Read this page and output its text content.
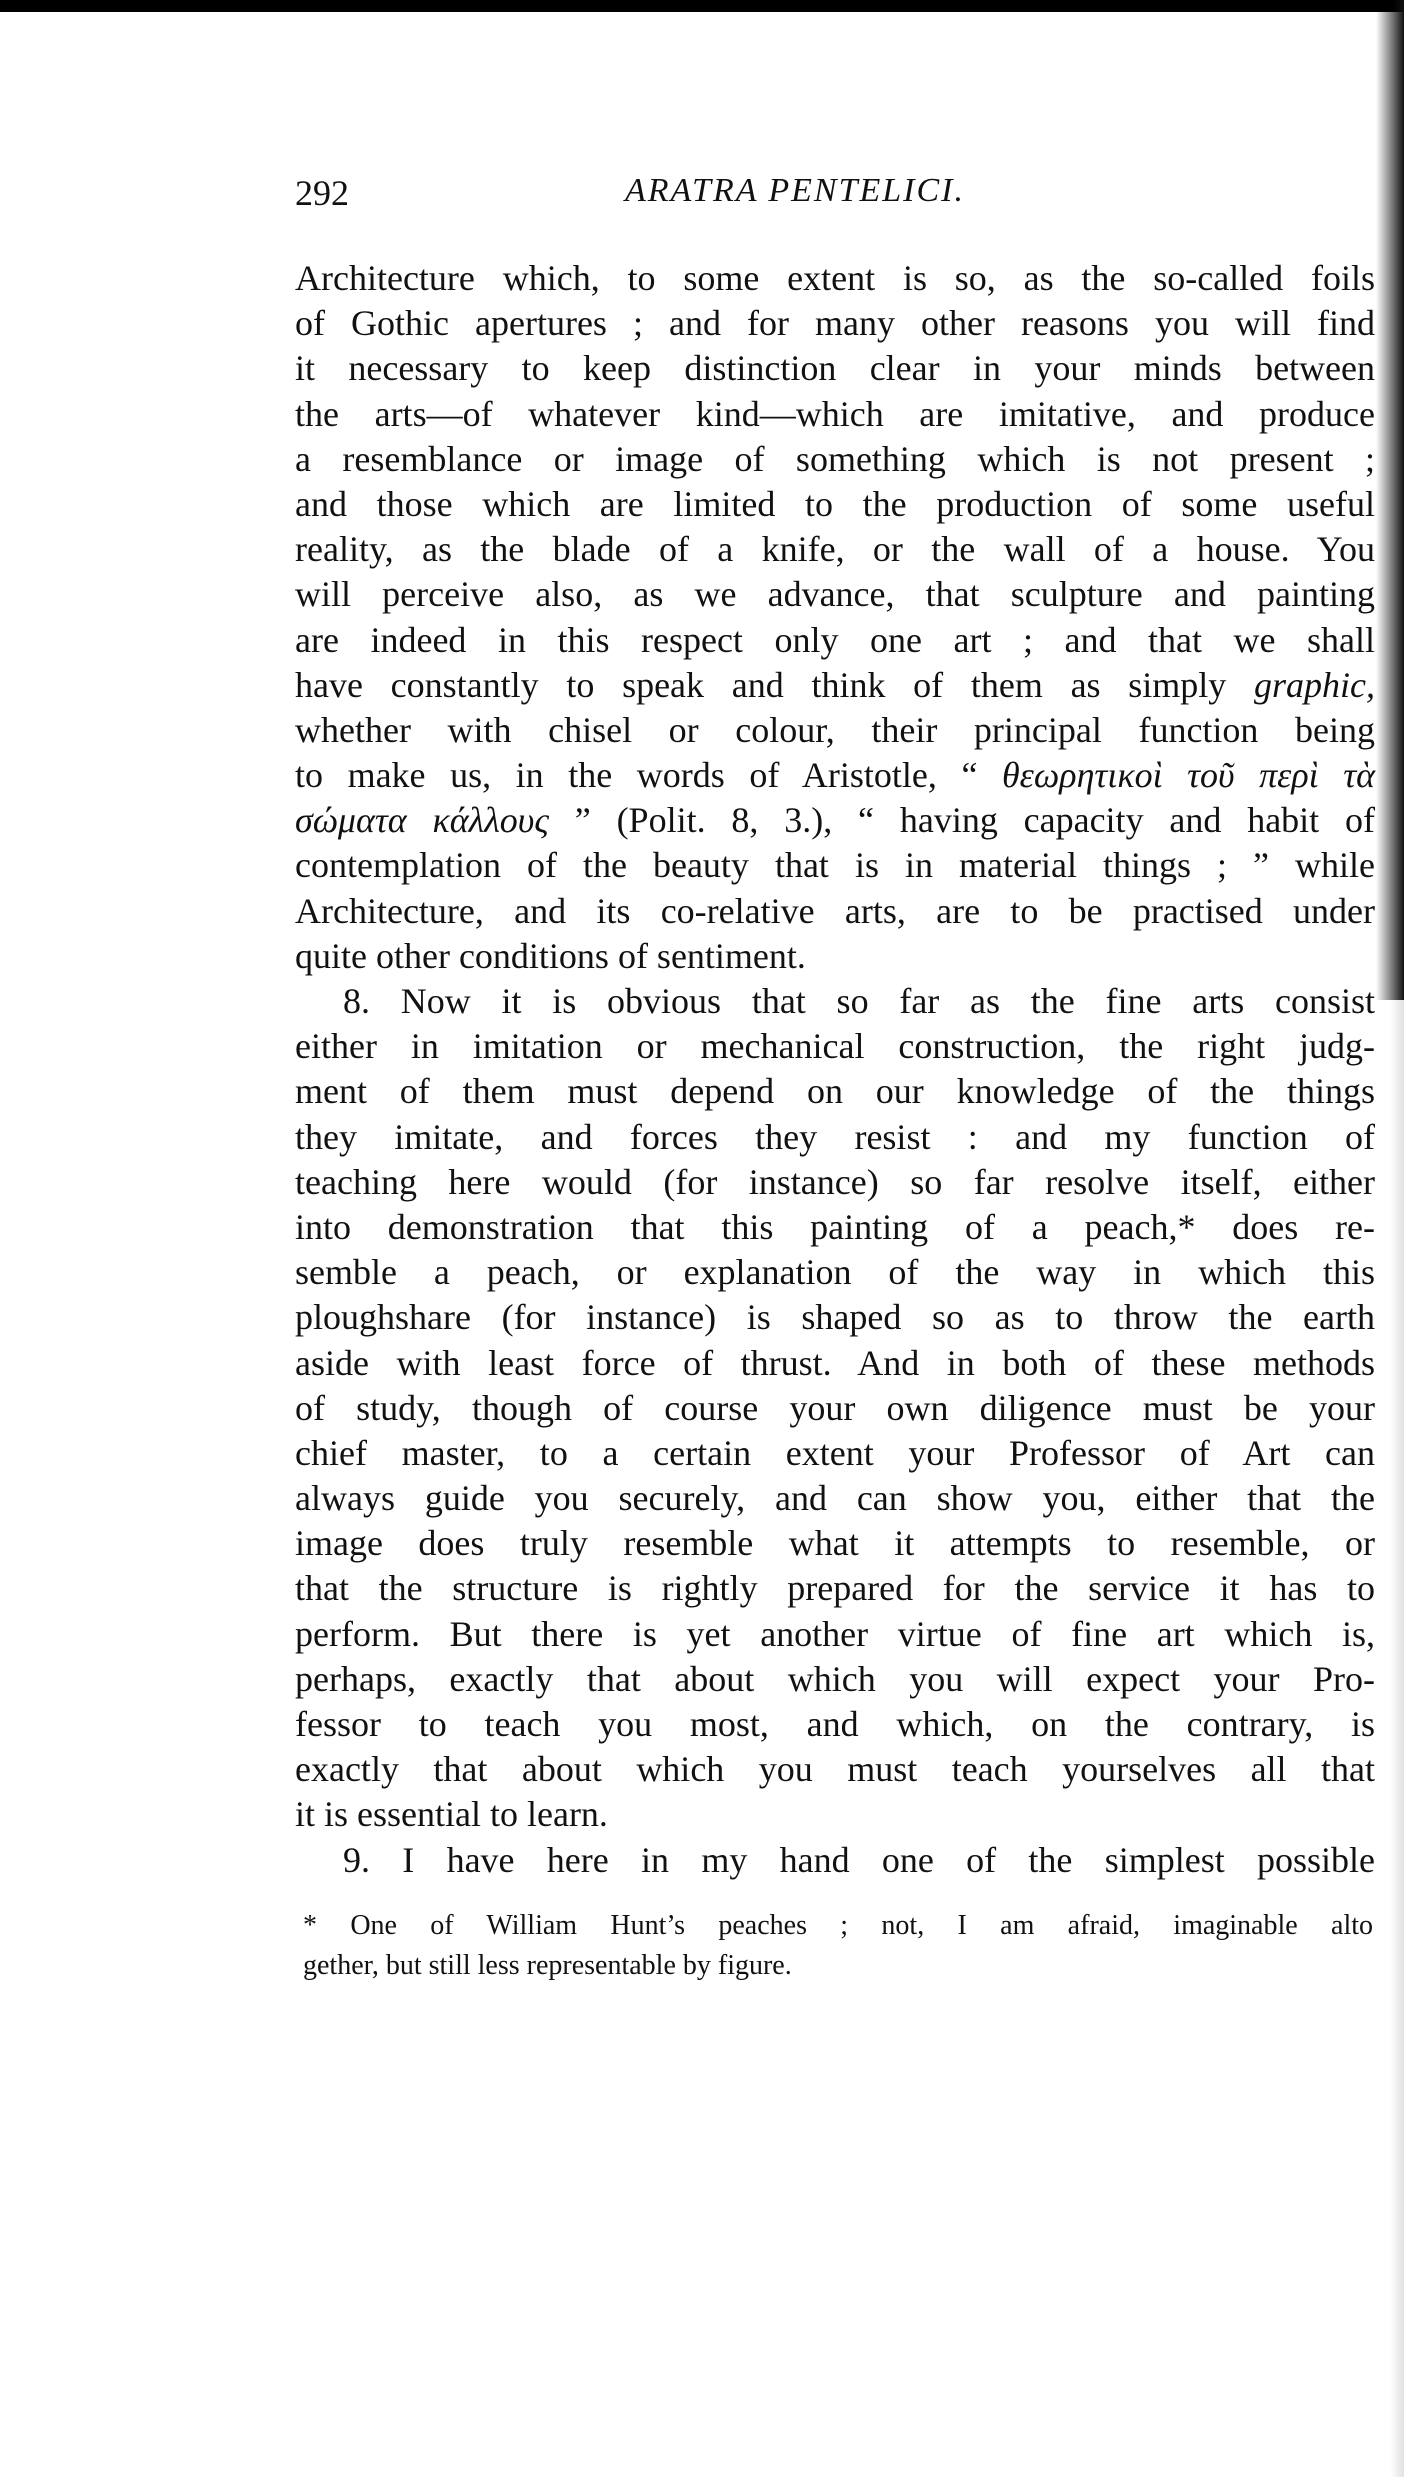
292	ARATRA PENTELICI.
Architecture which, to some extent is so, as the so-called foils
of Gothic apertures ; and for many other reasons you will find
it necessary to keep distinction clear in your minds between
the arts—of whatever kind—which are imitative, and produce
a resemblance or image of something which is not present ;
and those which are limited to the production of some useful
reality, as the blade of a knife, or the wall of a house. You
will perceive also, as we advance, that sculpture and painting
are indeed in this respect only one art ; and that we shall
have constantly to speak and think of them as simply graphic,
whether with chisel or colour, their principal function being
to make us, in the words of Aristotle, “ θεωρητικοὶ τοῦ περὶ τὰ
σώματα κάλλους ” (Polit. 8, 3.), “ having capacity and habit of
contemplation of the beauty that is in material things ; ” while
Architecture, and its co-relative arts, are to be practised under
quite other conditions of sentiment.
8. Now it is obvious that so far as the fine arts consist
either in imitation or mechanical construction, the right judg-
ment of them must depend on our knowledge of the things
they imitate, and forces they resist : and my function of
teaching here would (for instance) so far resolve itself, either
into demonstration that this painting of a peach,* does re-
semble a peach, or explanation of the way in which this
ploughshare (for instance) is shaped so as to throw the earth
aside with least force of thrust. And in both of these methods
of study, though of course your own diligence must be your
chief master, to a certain extent your Professor of Art can
always guide you securely, and can show you, either that the
image does truly resemble what it attempts to resemble, or
that the structure is rightly prepared for the service it has to
perform. But there is yet another virtue of fine art which is,
perhaps, exactly that about which you will expect your Pro-
fessor to teach you most, and which, on the contrary, is
exactly that about which you must teach yourselves all that
it is essential to learn.
9. I have here in my hand one of the simplest possible
* One of William Hunt’s peaches ; not, I am afraid, imaginable alto
gether, but still less representable by figure.
